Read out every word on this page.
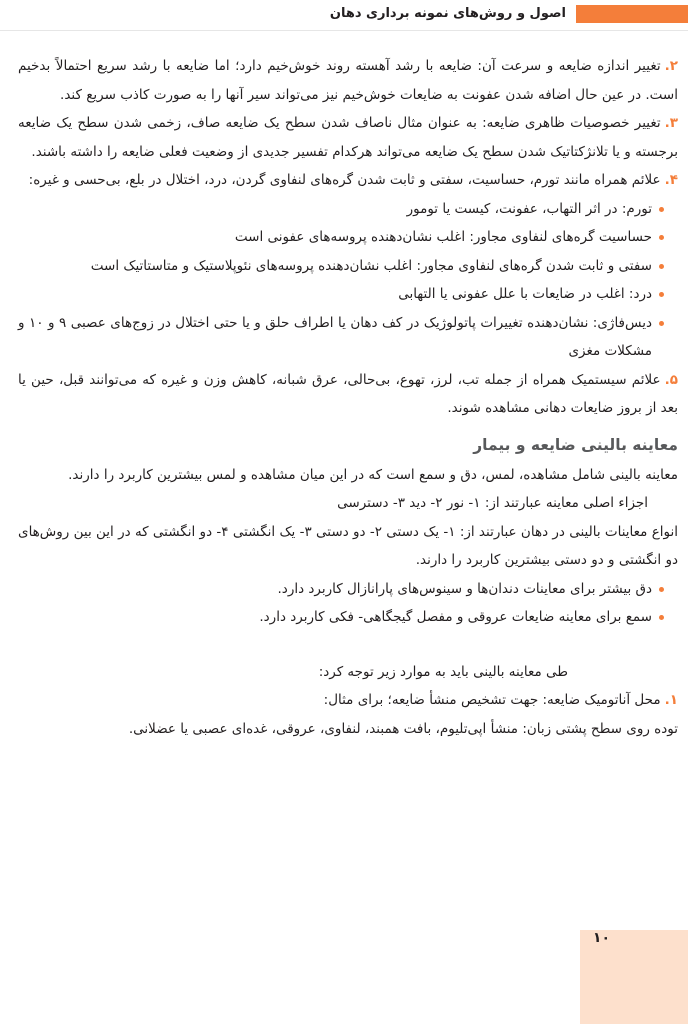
اصول و روش‌های نمونه برداری دهان
۲.تغییر اندازه ضایعه و سرعت آن: ضایعه با رشد آهسته روند خوش‌خیم دارد؛ اما ضایعه با رشد سریع احتمالاً بدخیم است. در عین حال اضافه شدن عفونت به ضایعات خوش‌خیم نیز می‌تواند سیر آنها را به صورت کاذب سریع کند.
۳.تغییر خصوصیات ظاهری ضایعه: به عنوان مثال ناصاف شدن سطح یک ضایعه صاف، زخمی شدن سطح یک ضایعه برجسته و یا تلانژکتاتیک شدن سطح یک ضایعه می‌تواند هرکدام تفسیر جدیدی از وضعیت فعلی ضایعه را داشته باشند.
۴.علائم همراه مانند تورم، حساسیت، سفتی و ثابت شدن گره‌های لنفاوی گردن، درد، اختلال در بلع، بی‌حسی و غیره:
تورم: در اثر التهاب، عفونت، کیست یا تومور
حساسیت گره‌های لنفاوی مجاور: اغلب نشان‌دهنده پروسه‌های عفونی است
سفتی و ثابت شدن گره‌های لنفاوی مجاور: اغلب نشان‌دهنده پروسه‌های نئوپلاستیک و متاستاتیک است
درد: اغلب در ضایعات با علل عفونی یا التهابی
دیس‌فاژی: نشان‌دهنده تغییرات پاتولوژیک در کف دهان یا اطراف حلق و یا حتی اختلال در زوج‌های عصبی ۹ و ۱۰ و مشکلات مغزی
۵.علائم سیستمیک همراه از جمله تب، لرز، تهوع، بی‌حالی، عرق شبانه، کاهش وزن و غیره که می‌توانند قبل، حین یا بعد از بروز ضایعات دهانی مشاهده شوند.
معاینه بالینی ضایعه و بیمار
معاینه بالینی شامل مشاهده، لمس، دق و سمع است که در این میان مشاهده و لمس بیشترین کاربرد را دارند.
اجزاء اصلی معاینه عبارتند از: ۱- نور ۲- دید ۳- دسترسی
انواع معاینات بالینی در دهان عبارتند از: ۱- یک دستی ۲- دو دستی ۳- یک انگشتی ۴- دو انگشتی که در این بین روش‌های دو انگشتی و دو دستی بیشترین کاربرد را دارند.
دق بیشتر برای معاینات دندان‌ها و سینوس‌های پارانازال کاربرد دارد.
سمع برای معاینه ضایعات عروقی و مفصل گیجگاهی- فکی کاربرد دارد.
طی معاینه بالینی باید به موارد زیر توجه کرد:
۱.محل آناتومیک ضایعه: جهت تشخیص منشأ ضایعه؛ برای مثال:
توده روی سطح پشتی زبان: منشأ اپی‌تلیوم، بافت همبند، لنفاوی، عروقی، غده‌ای عصبی یا عضلانی.
۱۰
